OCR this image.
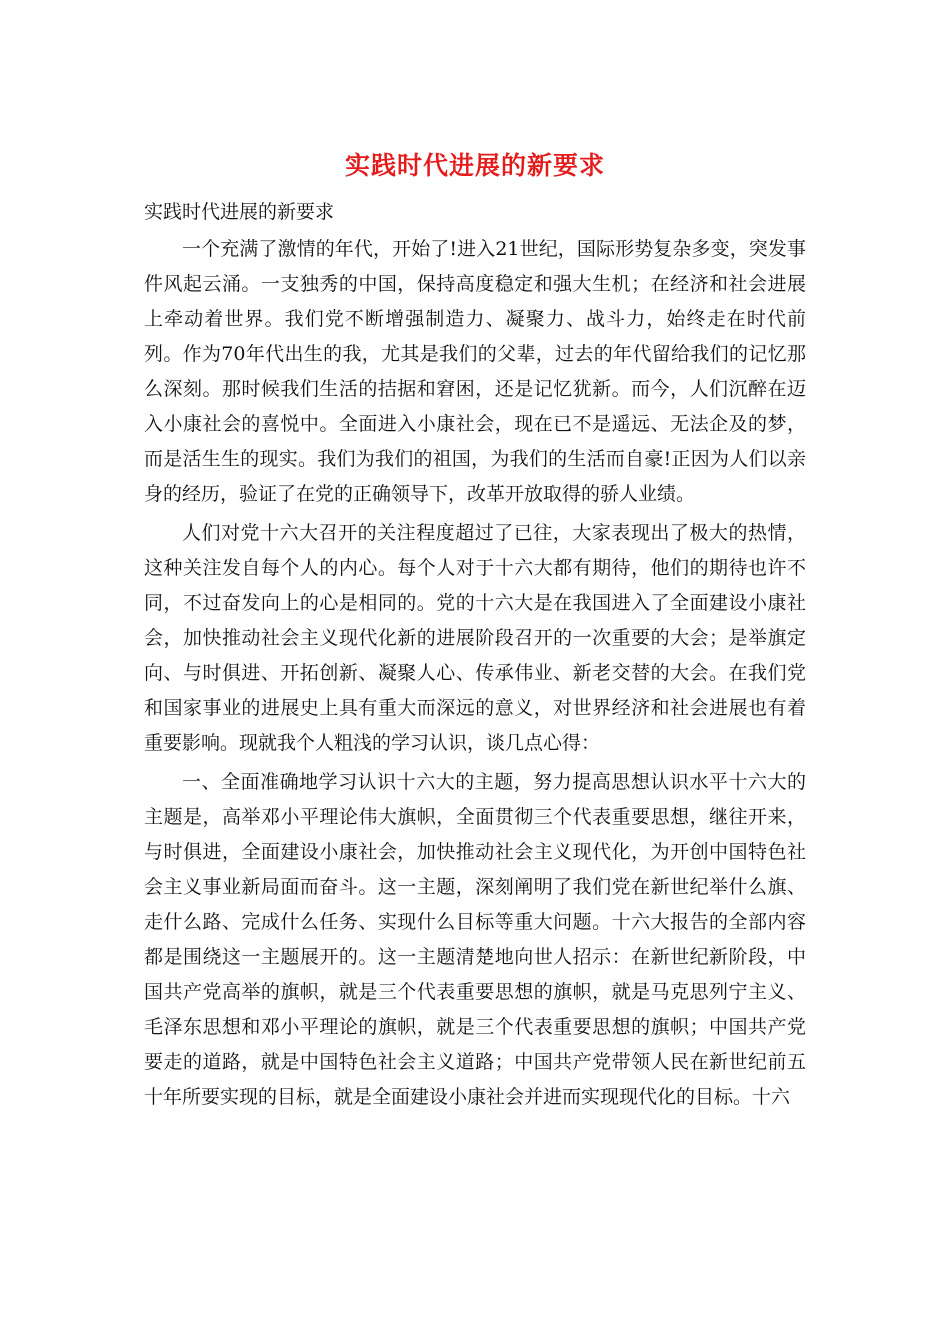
实践时代进展的新要求

实践时代进展的新要求

一个充满了激情的年代，开始了!进入21世纪，国际形势复杂多变，突发事件风起云涌。一支独秀的中国，保持高度稳定和强大生机；在经济和社会进展上牵动着世界。我们党不断增强制造力、凝聚力、战斗力，始终走在时代前列。作为70年代出生的我，尤其是我们的父辈，过去的年代留给我们的记忆那么深刻。那时候我们生活的拮据和窘困，还是记忆犹新。而今，人们沉醉在迈入小康社会的喜悦中。全面进入小康社会，现在已不是遥远、无法企及的梦，而是活生生的现实。我们为我们的祖国，为我们的生活而自豪!正因为人们以亲身的经历，验证了在党的正确领导下，改革开放取得的骄人业绩。

人们对党十六大召开的关注程度超过了已往，大家表现出了极大的热情，这种关注发自每个人的内心。每个人对于十六大都有期待，他们的期待也许不同，不过奋发向上的心是相同的。党的十六大是在我国进入了全面建设小康社会，加快推动社会主义现代化新的进展阶段召开的一次重要的大会；是举旗定向、与时俱进、开拓创新、凝聚人心、传承伟业、新老交替的大会。在我们党和国家事业的进展史上具有重大而深远的意义，对世界经济和社会进展也有着重要影响。现就我个人粗浅的学习认识，谈几点心得：

一、全面准确地学习认识十六大的主题，努力提高思想认识水平十六大的主题是，高举邓小平理论伟大旗帜，全面贯彻三个代表重要思想，继往开来，与时俱进，全面建设小康社会，加快推动社会主义现代化，为开创中国特色社会主义事业新局面而奋斗。这一主题，深刻阐明了我们党在新世纪举什么旗、走什么路、完成什么任务、实现什么目标等重大问题。十六大报告的全部内容都是围绕这一主题展开的。这一主题清楚地向世人招示：在新世纪新阶段，中国共产党高举的旗帜，就是三个代表重要思想的旗帜，就是马克思列宁主义、毛泽东思想和邓小平理论的旗帜，就是三个代表重要思想的旗帜；中国共产党要走的道路，就是中国特色社会主义道路；中国共产党带领人民在新世纪前五十年所要实现的目标，就是全面建设小康社会并进而实现现代化的目标。十六
